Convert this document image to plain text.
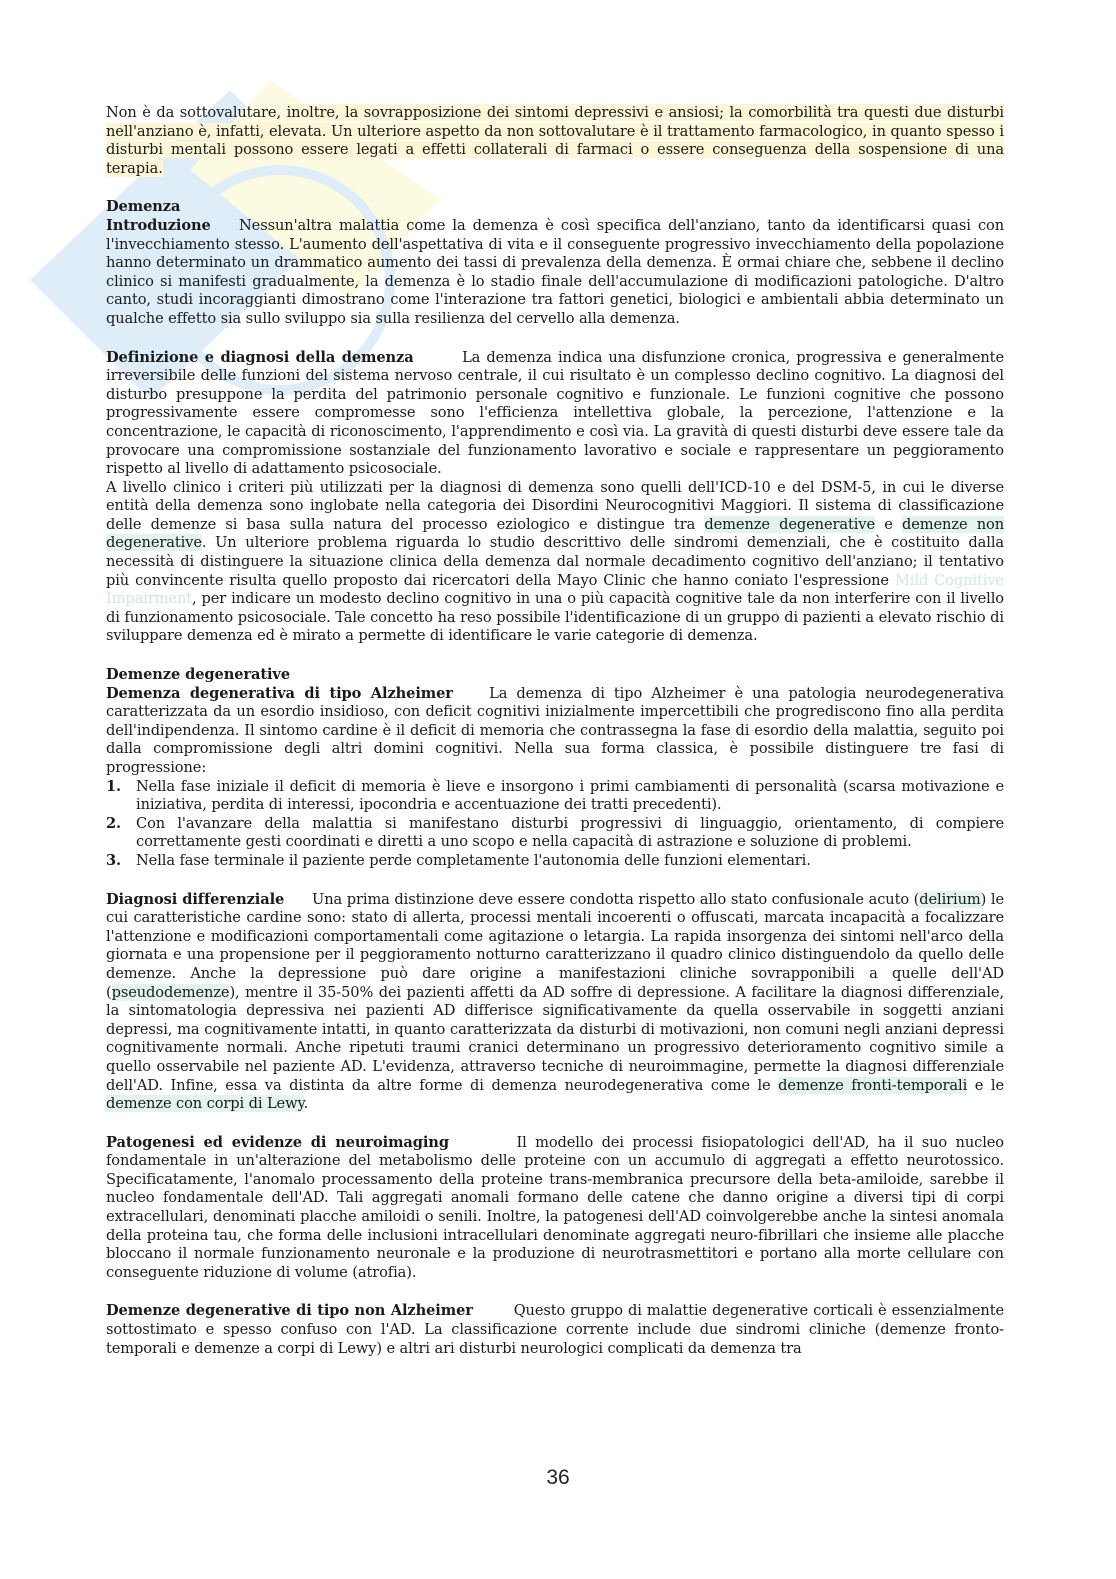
Non è da sottovalutare, inoltre, la sovrapposizione dei sintomi depressivi e ansiosi; la comorbilità tra questi due disturbi nell'anziano è, infatti, elevata. Un ulteriore aspetto da non sottovalutare è il trattamento farmacologico, in quanto spesso i disturbi mentali possono essere legati a effetti collaterali di farmaci o essere conseguenza della sospensione di una terapia.

Demenza

Introduzione Nessun'altra malattia come la demenza è così specifica dell'anziano, tanto da identificarsi quasi con l'invecchiamento stesso. L'aumento dell'aspettativa di vita e il conseguente progressivo invecchiamento della popolazione hanno determinato un drammatico aumento dei tassi di prevalenza della demenza. È ormai chiare che, sebbene il declino clinico si manifesti gradualmente, la demenza è lo stadio finale dell'accumulazione di modificazioni patologiche. D'altro canto, studi incoraggianti dimostrano come l'interazione tra fattori genetici, biologici e ambientali abbia determinato un qualche effetto sia sullo sviluppo sia sulla resilienza del cervello alla demenza.

Definizione e diagnosi della demenza	La demenza indica una disfunzione cronica, progressiva e generalmente irreversibile delle funzioni del sistema nervoso centrale, il cui risultato è un complesso declino cognitivo. La diagnosi del disturbo presuppone la perdita del patrimonio personale cognitivo e funzionale. Le funzioni cognitive che possono progressivamente essere compromesse sono l'efficienza intellettiva globale, la percezione, l'attenzione e la concentrazione, le capacità di riconoscimento, l'apprendimento e così via. La gravità di questi disturbi deve essere tale da provocare una compromissione sostanziale del funzionamento lavorativo e sociale e rappresentare un peggioramento rispetto al livello di adattamento psicosociale.

A livello clinico i criteri più utilizzati per la diagnosi di demenza sono quelli dell'ICD-10 e del DSM-5, in cui le diverse entità della demenza sono inglobate nella categoria dei Disordini Neurocognitivi Maggiori. Il sistema di classificazione delle demenze si basa sulla natura del processo eziologico e distingue tra demenze degenerative e demenze non degenerative. Un ulteriore problema riguarda lo studio descrittivo delle sindromi demenziali, che è costituito dalla necessità di distinguere la situazione clinica della demenza dal normale decadimento cognitivo dell'anziano; il tentativo più convincente risulta quello proposto dai ricercatori della Mayo Clinic che hanno coniato l'espressione Mild Cognitive Impairment, per indicare un modesto declino cognitivo in una o più capacità cognitive tale da non interferire con il livello di funzionamento psicosociale. Tale concetto ha reso possibile l'identificazione di un gruppo di pazienti a elevato rischio di sviluppare demenza ed è mirato a permette di identificare le varie categorie di demenza.

Demenze degenerative

Demenza degenerativa di tipo Alzheimer La demenza di tipo Alzheimer è una patologia neurodegenerativa caratterizzata da un esordio insidioso, con deficit cognitivi inizialmente impercettibili che progrediscono fino alla perdita dell'indipendenza. Il sintomo cardine è il deficit di memoria che contrassegna la fase di esordio della malattia, seguito poi dalla compromissione degli altri domini cognitivi. Nella sua forma classica, è possibile distinguere tre fasi di progressione:

1. Nella fase iniziale il deficit di memoria è lieve e insorgono i primi cambiamenti di personalità (scarsa motivazione e iniziativa, perdita di interessi, ipocondria e accentuazione dei tratti precedenti).
2. Con l'avanzare della malattia si manifestano disturbi progressivi di linguaggio, orientamento, di compiere correttamente gesti coordinati e diretti a uno scopo e nella capacità di astrazione e soluzione di problemi.
3. Nella fase terminale il paziente perde completamente l'autonomia delle funzioni elementari.

Diagnosi differenziale Una prima distinzione deve essere condotta rispetto allo stato confusionale acuto (delirium) le cui caratteristiche cardine sono: stato di allerta, processi mentali incoerenti o offuscati, marcata incapacità a focalizzare l'attenzione e modificazioni comportamentali come agitazione o letargia. La rapida insorgenza dei sintomi nell'arco della giornata e una propensione per il peggioramento notturno caratterizzano il quadro clinico distinguendolo da quello delle demenze. Anche la depressione può dare origine a manifestazioni cliniche sovrapponibili a quelle dell'AD (pseudodemenze), mentre il 35-50% dei pazienti affetti da AD soffre di depressione. A facilitare la diagnosi differenziale, la sintomatologia depressiva nei pazienti AD differisce significativamente da quella osservabile in soggetti anziani depressi, ma cognitivamente intatti, in quanto caratterizzata da disturbi di motivazioni, non comuni negli anziani depressi cognitivamente normali. Anche ripetuti traumi cranici determinano un progressivo deterioramento cognitivo simile a quello osservabile nel paziente AD. L'evidenza, attraverso tecniche di neuroimmagine, permette la diagnosi differenziale dell'AD. Infine, essa va distinta da altre forme di demenza neurodegenerativa come le demenze fronti-temporali e le demenze con corpi di Lewy.

Patogenesi ed evidenze di neuroimaging	Il modello dei processi fisiopatologici dell'AD, ha il suo nucleo fondamentale in un'alterazione del metabolismo delle proteine con un accumulo di aggregati a effetto neurotossico. Specificatamente, l'anomalo processamento della proteine trans-membranica precursore della beta-amiloide, sarebbe il nucleo fondamentale dell'AD. Tali aggregati anomali formano delle catene che danno origine a diversi tipi di corpi extracellulari, denominati placche amiloidi o senili. Inoltre, la patogenesi dell'AD coinvolgerebbe anche la sintesi anomala della proteina tau, che forma delle inclusioni intracellulari denominate aggregati neuro-fibrillari che insieme alle placche bloccano il normale funzionamento neuronale e la produzione di neurotrasmettitori e portano alla morte cellulare con conseguente riduzione di volume (atrofia).

Demenze degenerative di tipo non Alzheimer	Questo gruppo di malattie degenerative corticali è essenzialmente sottostimato e spesso confuso con l'AD. La classificazione corrente include due sindromi cliniche (demenze fronto-temporali e demenze a corpi di Lewy) e altri ari disturbi neurologici complicati da demenza tra

36
